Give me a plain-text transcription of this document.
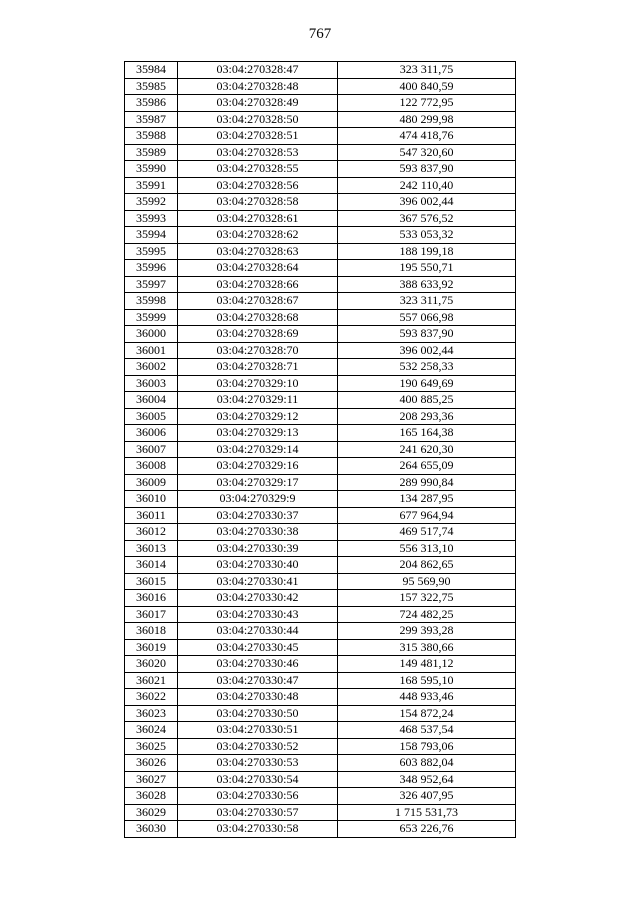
767
35984	03:04:270328:47	323 311,75
35985	03:04:270328:48	400 840,59
35986	03:04:270328:49	122 772,95
35987	03:04:270328:50	480 299,98
35988	03:04:270328:51	474 418,76
35989	03:04:270328:53	547 320,60
35990	03:04:270328:55	593 837,90
35991	03:04:270328:56	242 110,40
35992	03:04:270328:58	396 002,44
35993	03:04:270328:61	367 576,52
35994	03:04:270328:62	533 053,32
35995	03:04:270328:63	188 199,18
35996	03:04:270328:64	195 550,71
35997	03:04:270328:66	388 633,92
35998	03:04:270328:67	323 311,75
35999	03:04:270328:68	557 066,98
36000	03:04:270328:69	593 837,90
36001	03:04:270328:70	396 002,44
36002	03:04:270328:71	532 258,33
36003	03:04:270329:10	190 649,69
36004	03:04:270329:11	400 885,25
36005	03:04:270329:12	208 293,36
36006	03:04:270329:13	165 164,38
36007	03:04:270329:14	241 620,30
36008	03:04:270329:16	264 655,09
36009	03:04:270329:17	289 990,84
36010	03:04:270329:9	134 287,95
36011	03:04:270330:37	677 964,94
36012	03:04:270330:38	469 517,74
36013	03:04:270330:39	556 313,10
36014	03:04:270330:40	204 862,65
36015	03:04:270330:41	95 569,90
36016	03:04:270330:42	157 322,75
36017	03:04:270330:43	724 482,25
36018	03:04:270330:44	299 393,28
36019	03:04:270330:45	315 380,66
36020	03:04:270330:46	149 481,12
36021	03:04:270330:47	168 595,10
36022	03:04:270330:48	448 933,46
36023	03:04:270330:50	154 872,24
36024	03:04:270330:51	468 537,54
36025	03:04:270330:52	158 793,06
36026	03:04:270330:53	603 882,04
36027	03:04:270330:54	348 952,64
36028	03:04:270330:56	326 407,95
36029	03:04:270330:57	1 715 531,73
36030	03:04:270330:58	653 226,76
